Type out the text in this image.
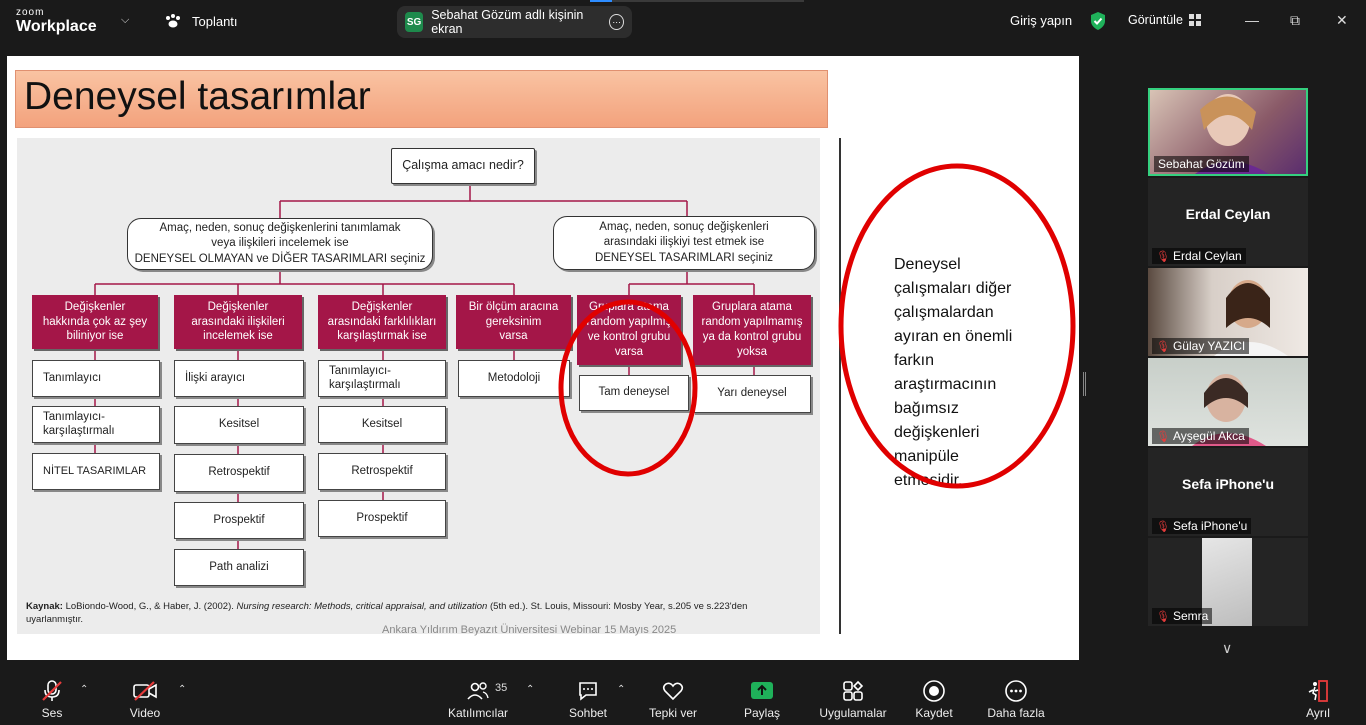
zoom
Workplace ⌵	Toplantı	SG Sebahat Gözüm adlı kişinin ekran
…	Giriş yapın	Görüntüle	— ⧉	✕
Deneysel tasarımlar
Çalışma amacı nedir?
Amaç, neden, sonuç değişkenlerini tanımlamak
veya ilişkileri incelemek ise
DENEYSEL OLMAYAN ve DİĞER TASARIMLARI seçiniz
Amaç, neden, sonuç değişkenleri
arasındaki ilişkiyi test etmek ise
DENEYSEL TASARIMLARI seçiniz
Değişkenler
hakkında çok az şey
biliniyor ise
Değişkenler
arasındaki ilişkileri
incelemek ise
Değişkenler
arasındaki farklılıkları
karşılaştırmak ise
Bir ölçüm aracına
gereksinim
varsa
Gruplara atama
random yapılmış
ve kontrol grubu
varsa
Gruplara atama
random yapılmamış
ya da kontrol grubu
yoksa
Tanımlayıcı
Tanımlayıcı-
karşılaştırmalı
NİTEL TASARIMLAR
İlişki arayıcı
Kesitsel
Retrospektif
Prospektif
Path analizi
Tanımlayıcı-
karşılaştırmalı
Kesitsel
Retrospektif
Prospektif
Metodoloji
Tam deneysel	Yarı deneysel
Kaynak: LoBiondo-Wood, G., & Haber, J. (2002). Nursing research: Methods, critical appraisal, and utilization (5th ed.). St. Louis, Missouri: Mosby Year, s.205 ve s.223'den
uyarlanmıştır.
Ankara Yıldırım Beyazıt Üniversitesi Webinar 15 Mayıs 2025
Deneysel
çalışmaları diğer
çalışmalardan
ayıran en önemli
farkın
araştırmacının
bağımsız
değişkenleri
manipüle
etmesidir.
Sebahat Gözüm
Erdal Ceylan
🎙 Erdal Ceylan
🎙 Gülay YAZICI
🎙 Ayşegül Akca
Sefa iPhone'u
🎙 Sefa iPhone'u
🎙 Semra
∨
Ses
⌃
Video
⌃
Katılımcılar
35 ⌃
Sohbet
⌃
Tepki ver	Paylaş	Uygulamalar Kaydet	Daha fazla	Ayrıl
